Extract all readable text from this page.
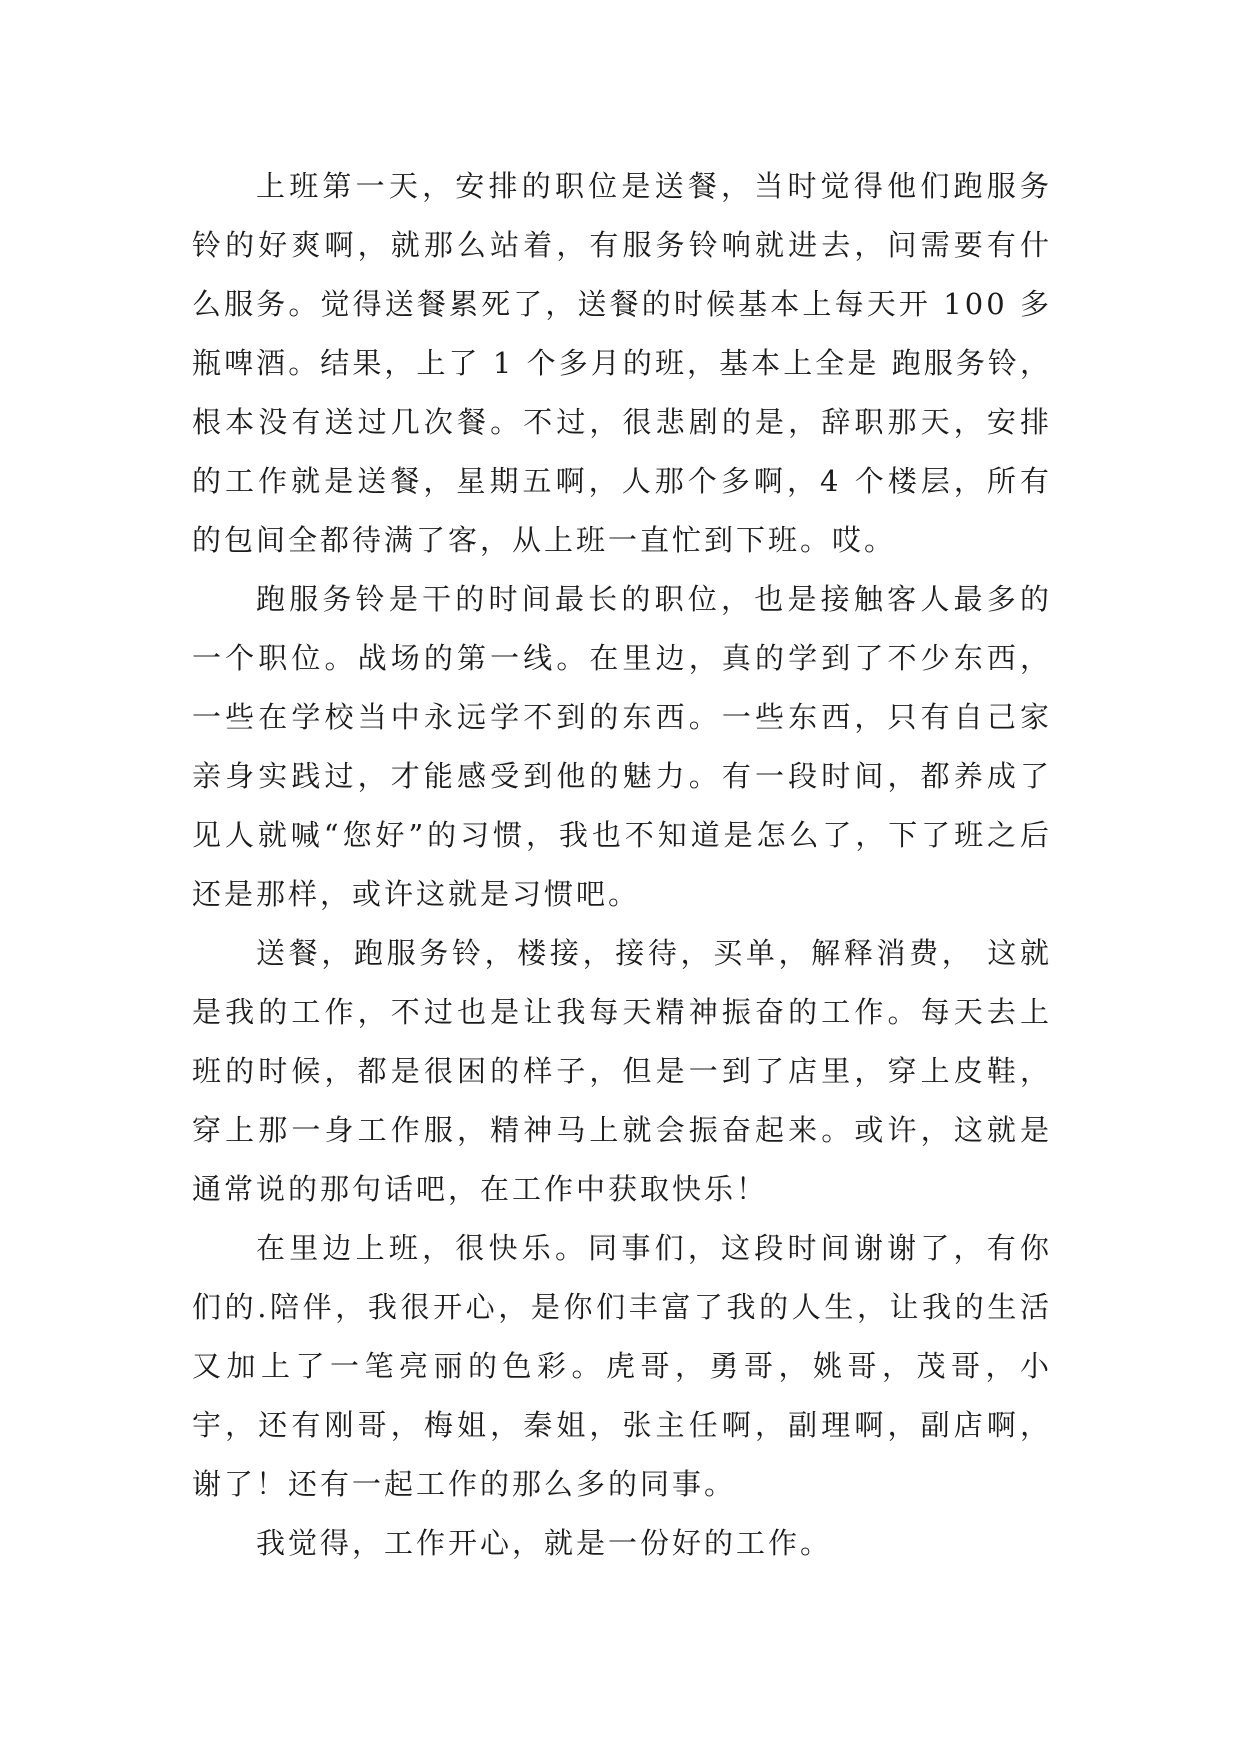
上班第一天，安排的职位是送餐，当时觉得他们跑服务铃的好爽啊，就那么站着，有服务铃响就进去，问需要有什么服务。觉得送餐累死了，送餐的时候基本上每天开 100 多瓶啤酒。结果，上了 1 个多月的班，基本上全是 跑服务铃，根本没有送过几次餐。不过，很悲剧的是，辞职那天，安排的工作就是送餐，星期五啊，人那个多啊，4 个楼层，所有的包间全都待满了客，从上班一直忙到下班。哎。

跑服务铃是干的时间最长的职位，也是接触客人最多的一个职位。战场的第一线。在里边，真的学到了不少东西，一些在学校当中永远学不到的东西。一些东西，只有自己家亲身实践过，才能感受到他的魅力。有一段时间，都养成了见人就喊“您好”的习惯，我也不知道是怎么了，下了班之后还是那样，或许这就是习惯吧。

送餐，跑服务铃，楼接，接待，买单，解释消费， 这就是我的工作，不过也是让我每天精神振奋的工作。每天去上班的时候，都是很困的样子，但是一到了店里，穿上皮鞋，穿上那一身工作服，精神马上就会振奋起来。或许，这就是通常说的那句话吧，在工作中获取快乐！

在里边上班，很快乐。同事们，这段时间谢谢了，有你们的.陪伴，我很开心，是你们丰富了我的人生，让我的生活又加上了一笔亮丽的色彩。虎哥，勇哥，姚哥，茂哥，小宇，还有刚哥，梅姐，秦姐，张主任啊，副理啊，副店啊，谢了！还有一起工作的那么多的同事。

我觉得，工作开心，就是一份好的工作。
